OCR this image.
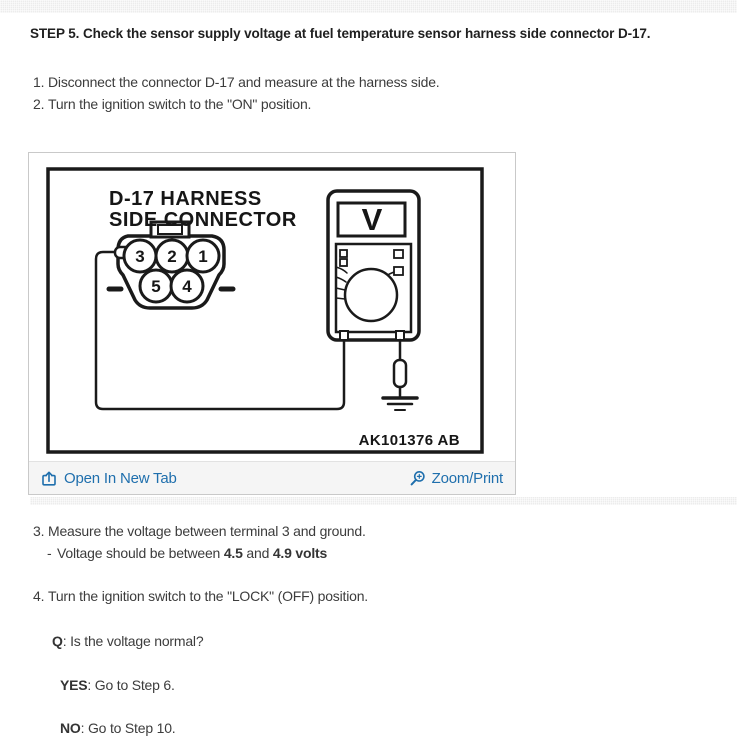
STEP 5. Check the sensor supply voltage at fuel temperature sensor harness side connector D-17.
1. Disconnect the connector D-17 and measure at the harness side.
2. Turn the ignition switch to the "ON" position.
D-17 HARNESS
SIDE CONNECTOR
3 2 1
5 4
V
AK101376 AB
Open In New Tab	Zoom/Print
3. Measure the voltage between terminal 3 and ground.
- Voltage should be between 4.5 and 4.9 volts
4. Turn the ignition switch to the "LOCK" (OFF) position.
Q: Is the voltage normal?
YES: Go to Step 6.
NO: Go to Step 10.
